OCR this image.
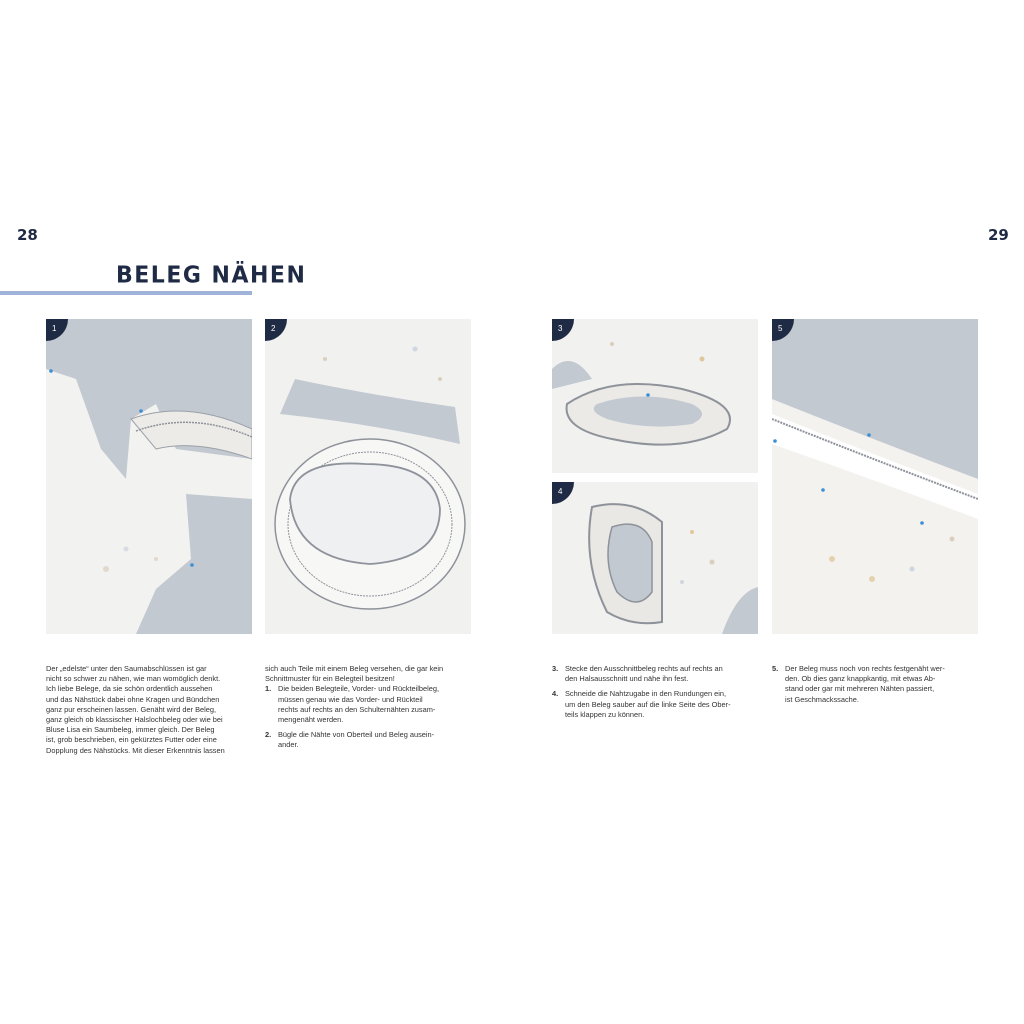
28	29
BELEG NÄHEN
1	2	3
4
5
Der „edelste“ unter den Saumabschlüssen ist gar
nicht so schwer zu nähen, wie man womöglich denkt.
Ich liebe Belege, da sie schön ordentlich aussehen
und das Nähstück dabei ohne Kragen und Bündchen
ganz pur erscheinen lassen. Genäht wird der Beleg,
ganz gleich ob klassischer Halslochbeleg oder wie bei
Bluse Lisa ein Saumbeleg, immer gleich. Der Beleg
ist, grob beschrieben, ein gekürztes Futter oder eine
Dopplung des Nähstücks. Mit dieser Erkenntnis lassen
sich auch Teile mit einem Beleg versehen, die gar kein
Schnittmuster für ein Belegteil besitzen!
1. Die beiden Belegteile, Vorder- und Rückteilbeleg,
müssen genau wie das Vorder- und Rückteil
rechts auf rechts an den Schulternähten zusam-
mengenäht werden.
2. Bügle die Nähte von Oberteil und Beleg ausein-
ander.
3. Stecke den Ausschnittbeleg rechts auf rechts an
den Halsausschnitt und nähe ihn fest.
4. Schneide die Nahtzugabe in den Rundungen ein,
um den Beleg sauber auf die linke Seite des Ober-
teils klappen zu können.
5. Der Beleg muss noch von rechts festgenäht wer-
den. Ob dies ganz knappkantig, mit etwas Ab-
stand oder gar mit mehreren Nähten passiert,
ist Geschmackssache.
